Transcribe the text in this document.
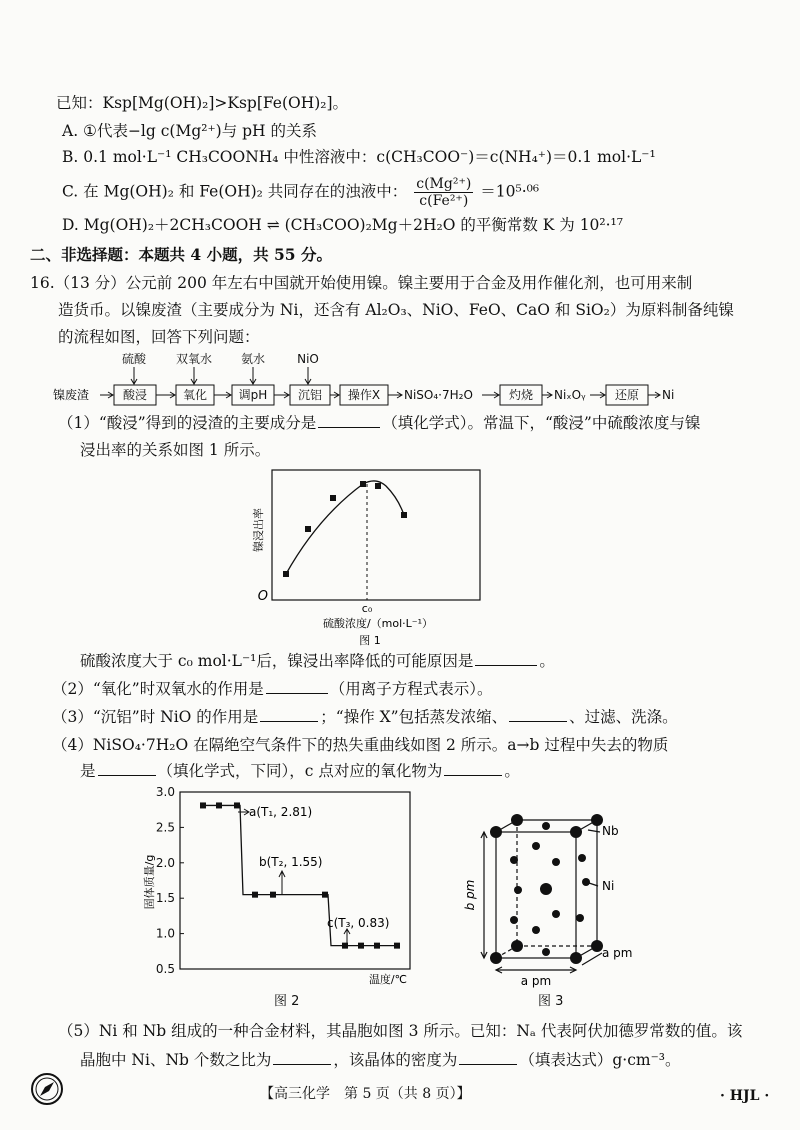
已知：Ksp[Mg(OH)₂]>Ksp[Fe(OH)₂]。
A. ①代表−lg c(Mg²⁺)与 pH 的关系
B. 0.1 mol·L⁻¹ CH₃COONH₄ 中性溶液中：c(CH₃COO⁻)＝c(NH₄⁺)＝0.1 mol·L⁻¹
C. 在 Mg(OH)₂ 和 Fe(OH)₂ 共同存在的浊液中： $\frac{\text{c(Mg²⁺)}}{\text{c(Fe²⁺)}} =10^5\cdot^{06}$
D. Mg(OH)₂＋2CH₃COOH ⇌ (CH₃COO)₂Mg＋2H₂O 的平衡常数 K 为 10²·¹⁷
二、非选择题：本题共 4 小题，共 55 分。
16.（13 分）公元前 200 年左右中国就开始使用镍。镍主要用于合金及用作催化剂，也可用来制
造货币。以镍废渣（主要成分为 Ni，还含有 Al₂O₃、NiO、FeO、CaO 和 SiO₂）为原料制备纯镍
的流程如图，回答下列问题：
硫酸 双氧水 氨水	NiO
镍废渣	酸浸	氧化	调pH	沉铝 操作X NiSO₄·7H₂O	灼烧 NiₓOᵧ 还原 Ni
（1）“酸浸”得到的浸渣的主要成分是	（填化学式）。常温下，“酸浸”中硫酸浓度与镍
浸出率的关系如图 1 所示。
镍浸出率
O
c₀
硫酸浓度/（mol·L⁻¹）
图 1
硫酸浓度大于 c₀ mol·L⁻¹后，镍浸出率降低的可能原因是	。
（2）“氧化”时双氧水的作用是	（用离子方程式表示）。
（3）“沉铝”时 NiO 的作用是	；“操作 X”包括蒸发浓缩、	、过滤、洗涤。
（4）NiSO₄·7H₂O 在隔绝空气条件下的热失重曲线如图 2 所示。a→b 过程中失去的物质
是	（填化学式，下同），c 点对应的氧化物为	。
3.0
2.5
2.0
1.5
1.0
0.5
固体质量/g
温度/℃
a(T₁, 2.81)
b(T₂, 1.55)
c(T₃, 0.83)
图 2
Nb
Ni
b pm
a pm
a pm
图 3
（5）Ni 和 Nb 组成的一种合金材料，其晶胞如图 3 所示。已知：Nₐ 代表阿伏加德罗常数的值。该
晶胞中 Ni、Nb 个数之比为	，该晶体的密度为	（填表达式）g·cm⁻³。
【高三化学　第 5 页（共 8 页）】	· HJL ·
